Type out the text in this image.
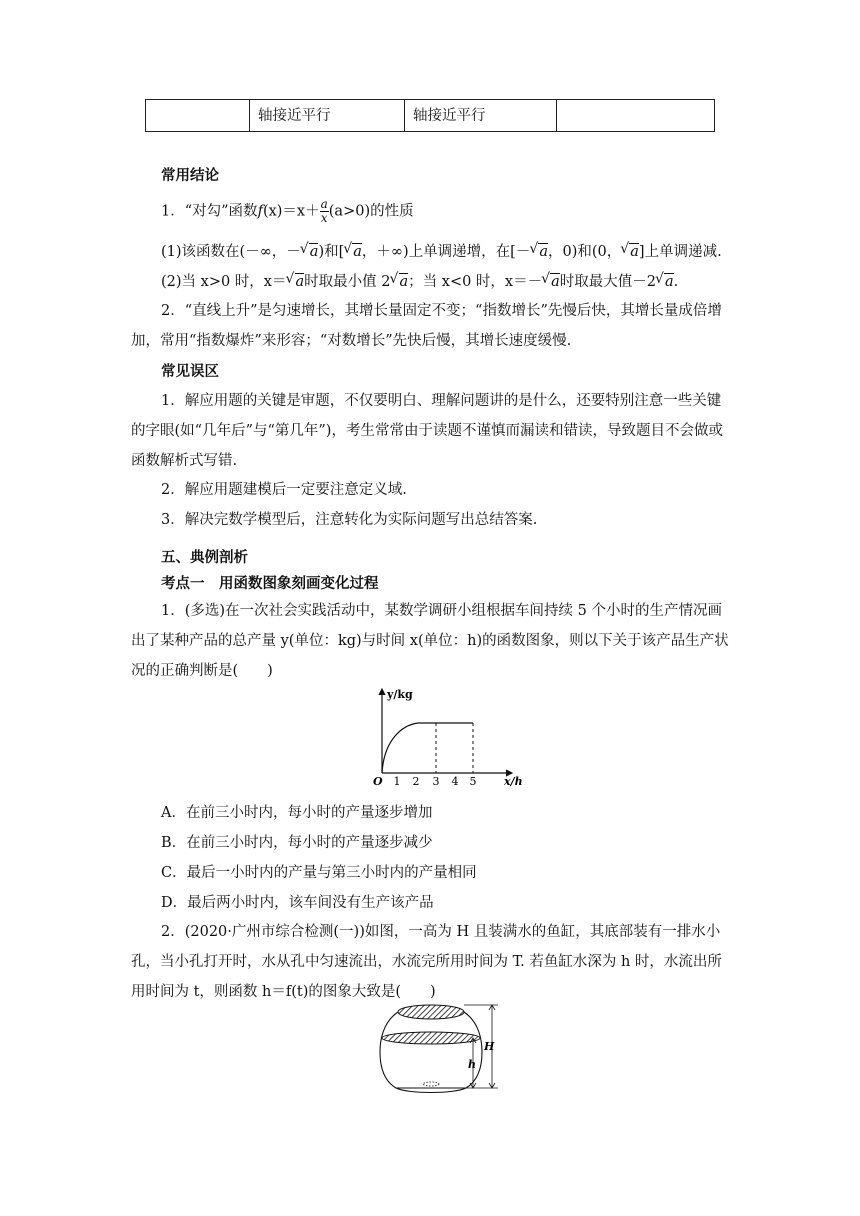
轴接近平行	轴接近平行
常用结论
1．“对勾”函数$f(x)=x+ \frac{a}{x} (a>0)$的性质
(1)该函数在(－∞，－ √ a)和[ √ a，＋∞)上单调递增，在[－ √ a，0)和(0， √ a]上单调递减.
(2)当 x>0 时，x＝ √ a时取最小值 2 √ a；当 x<0 时，x＝－ √ a时取最大值－2 √ a.
2．“直线上升”是匀速增长，其增长量固定不变；“指数增长”先慢后快，其增长量成倍增加，常用“指数爆炸”来形容；“对数增长”先快后慢，其增长速度缓慢.
常见误区
1．解应用题的关键是审题，不仅要明白、理解问题讲的是什么，还要特别注意一些关键的字眼(如“几年后”与“第几年”)，考生常常由于读题不谨慎而漏读和错读，导致题目不会做或函数解析式写错.
2．解应用题建模后一定要注意定义域.
3．解决完数学模型后，注意转化为实际问题写出总结答案.
五、典例剖析
考点一　用函数图象刻画变化过程
1．(多选)在一次社会实践活动中，某数学调研小组根据车间持续 5 个小时的生产情况画出了某种产品的总产量 y(单位：kg)与时间 x(单位：h)的函数图象，则以下关于该产品生产状况的正确判断是(　　)
y/kg
x/h
O 1 2 3 4 5
A．在前三小时内，每小时的产量逐步增加
B．在前三小时内，每小时的产量逐步减少
C．最后一小时内的产量与第三小时内的产量相同
D．最后两小时内，该车间没有生产该产品
2．(2020·广州市综合检测(一))如图，一高为 H 且装满水的鱼缸，其底部装有一排水小孔，当小孔打开时，水从孔中匀速流出，水流完所用时间为 T. 若鱼缸水深为 h 时，水流出所用时间为 t，则函数 h＝f(t)的图象大致是(　　)
H
h
